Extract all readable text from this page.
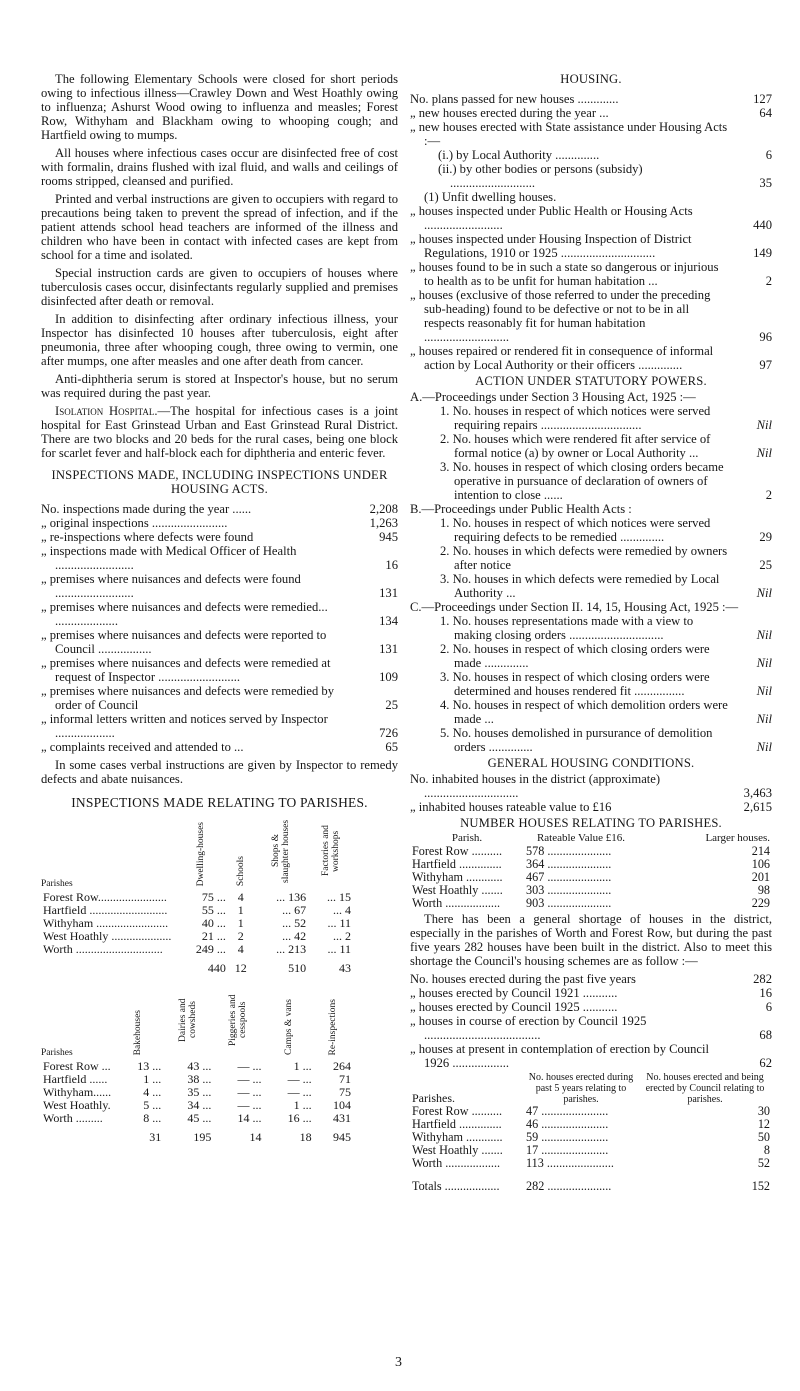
The following Elementary Schools were closed for short periods owing to infectious illness—Crawley Down and West Hoathly owing to influenza; Ashurst Wood owing to influenza and measles; Forest Row, Withyham and Blackham owing to whooping cough; and Hartfield owing to mumps.

All houses where infectious cases occur are disinfected free of cost with formalin, drains flushed with izal fluid, and walls and ceilings of rooms stripped, cleansed and purified.

Printed and verbal instructions are given to occupiers with regard to precautions being taken to prevent the spread of infection, and if the patient attends school head teachers are informed of the illness and children who have been in contact with infected cases are kept from school for a time and isolated.

Special instruction cards are given to occupiers of houses where tuberculosis cases occur, disinfectants regularly supplied and premises disinfected after death or removal.

In addition to disinfecting after ordinary infectious illness, your Inspector has disinfected 10 houses after tuberculosis, eight after pneumonia, three after whooping cough, three owing to vermin, one after mumps, one after measles and one after death from cancer.

Anti-diphtheria serum is stored at Inspector's house, but no serum was required during the past year.

Isolation Hospital.—The hospital for infectious cases is a joint hospital for East Grinstead Urban and East Grinstead Rural District. There are two blocks and 20 beds for the rural cases, being one block for scarlet fever and half-block each for diphtheria and enteric fever.

INSPECTIONS MADE, INCLUDING INSPECTIONS UNDER HOUSING ACTS.
No. inspections made during the year ......	2,208
„ original inspections ........................	1,263
„ re-inspections where defects were found	945
„ inspections made with Medical Officer of Health .........................	16
„ premises where nuisances and defects were found .........................	131
„ premises where nuisances and defects were remedied... ....................	134
„ premises where nuisances and defects were reported to Council .................	131
„ premises where nuisances and defects were remedied at request of Inspector ..........................	109
„ premises where nuisances and defects were remedied by order of Council	25
„ informal letters written and notices served by Inspector ...................	726
„ complaints received and attended to ...	65

In some cases verbal instructions are given by Inspector to remedy defects and abate nuisances.

INSPECTIONS MADE RELATING TO PARISHES.
Parishes	Dwelling-houses	Schools	Shops & slaughter houses	Factories and workshops
Forest Row.......................	75 ...	4	... 136	... 15
Hartfield ..........................	55 ...	1	... 67	... 4
Withyham ........................	40 ...	1	... 52	... 11
West Hoathly ....................	21 ...	2	... 42	... 2
Worth .............................	249 ...	4	... 213	... 11
	440	12	510	43
Parishes	Bakehouses	Dairies and cowsheds	Piggeries and cesspools	Camps & vans	Re-inspections
Forest Row ...	13 ...	43 ...	— ...	1 ...	264
Hartfield ......	1 ...	38 ...	— ...	— ...	71
Withyham......	4 ...	35 ...	— ...	— ...	75
West Hoathly.	5 ...	34 ...	— ...	1 ...	104
Worth .........	8 ...	45 ...	14 ...	16 ...	431
	31	195	14	18	945
HOUSING.
No. plans passed for new houses .............	127
„ new houses erected during the year ...	64
„ new houses erected with State assistance under Housing Acts :—
(i.) by Local Authority ..............	6
(ii.) by other bodies or persons (subsidy) ...........................	35
(1) Unfit dwelling houses.
„ houses inspected under Public Health or Housing Acts .........................	440
„ houses inspected under Housing Inspection of District Regulations, 1910 or 1925 ..............................	149
„ houses found to be in such a state so dangerous or injurious to health as to be unfit for human habitation ...	2
„ houses (exclusive of those referred to under the preceding sub-heading) found to be defective or not to be in all respects reasonably fit for human habitation ...........................	96
„ houses repaired or rendered fit in consequence of informal action by Local Authority or their officers ..............	97
ACTION UNDER STATUTORY POWERS.
A.—Proceedings under Section 3 Housing Act, 1925 :—
1. No. houses in respect of which notices were served requiring repairs ................................	Nil
2. No. houses which were rendered fit after service of formal notice (a) by owner or Local Authority ...	Nil
3. No. houses in respect of which closing orders became operative in pursuance of declaration of owners of intention to close ......	2
B.—Proceedings under Public Health Acts :
1. No. houses in respect of which notices were served requiring defects to be remedied ..............	29
2. No. houses in which defects were remedied by owners after notice	25
3. No. houses in which defects were remedied by Local Authority ...	Nil
C.—Proceedings under Section II. 14, 15, Housing Act, 1925 :—
1. No. houses representations made with a view to making closing orders ..............................	Nil
2. No. houses in respect of which closing orders were made ..............	Nil
3. No. houses in respect of which closing orders were determined and houses rendered fit ................	Nil
4. No. houses in respect of which demolition orders were made ...	Nil
5. No. houses demolished in pursurance of demolition orders ..............	Nil
GENERAL HOUSING CONDITIONS.
No. inhabited houses in the district (approximate) ..............................	3,463
„ inhabited houses rateable value to £16	2,615
NUMBER HOUSES RELATING TO PARISHES.
Parish.	Rateable Value £16.	Larger houses.
Forest Row ..........	578 .....................	214
Hartfield ..............	364 .....................	106
Withyham ............	467 .....................	201
West Hoathly .......	303 .....................	98
Worth ..................	903 .....................	229

There has been a general shortage of houses in the district, especially in the parishes of Worth and Forest Row, but during the past five years 282 houses have been built in the district. Also to meet this shortage the Council's housing schemes are as follow :—

No. houses erected during the past five years	282
„ houses erected by Council 1921 ...........	16
„ houses erected by Council 1925 ...........	6
„ houses in course of erection by Council 1925 .....................................	68
„ houses at present in contemplation of erection by Council 1926 ..................	62
Parishes.	No. houses erected during past 5 years relating to parishes.	No. houses erected and being erected by Council relating to parishes.
Forest Row ..........	47 ......................	30
Hartfield ..............	46 ......................	12
Withyham ............	59 ......................	50
West Hoathly .......	17 ......................	8
Worth ..................	113 ......................	52
Totals ..................	282 .....................	152
3
